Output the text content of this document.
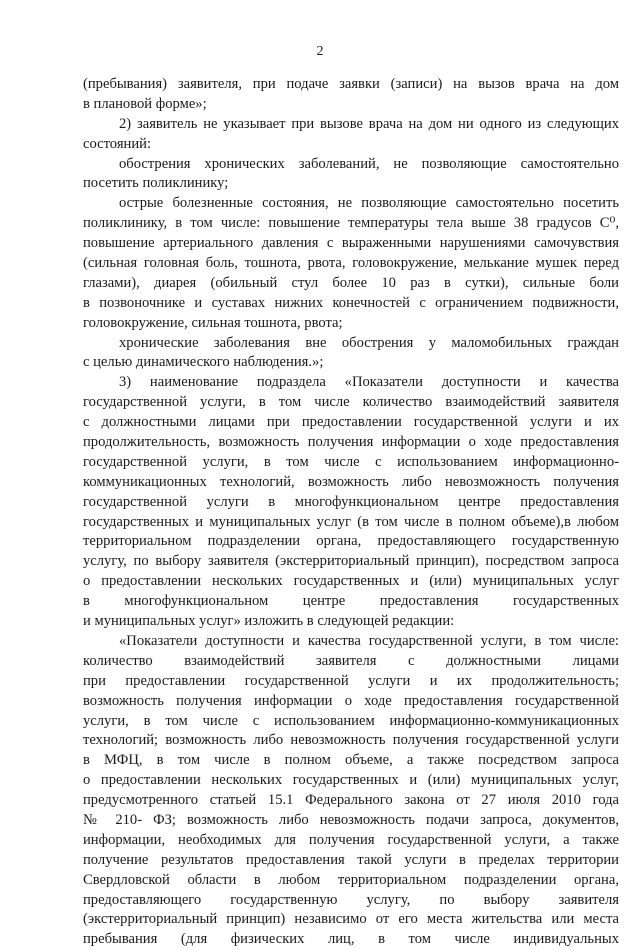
2
(пребывания) заявителя, при подаче заявки (записи) на вызов врача на дом
в плановой форме»;
2) заявитель не указывает при вызове врача на дом ни одного из следующих
состояний:
обострения хронических заболеваний, не позволяющие самостоятельно
посетить поликлинику;
острые болезненные состояния, не позволяющие самостоятельно посетить
поликлинику, в том числе: повышение температуры тела выше 38 градусов С⁰,
повышение артериального давления с выраженными нарушениями самочувствия
(сильная головная боль, тошнота, рвота, головокружение, мелькание мушек перед
глазами), диарея (обильный стул более 10 раз в сутки), сильные боли
в позвоночнике и суставах нижних конечностей с ограничением подвижности,
головокружение, сильная тошнота, рвота;
хронические заболевания вне обострения у маломобильных граждан
с целью динамического наблюдения.»;
3) наименование подраздела «Показатели доступности и качества
государственной услуги, в том числе количество взаимодействий заявителя
с должностными лицами при предоставлении государственной услуги и их
продолжительность, возможность получения информации о ходе предоставления
государственной услуги, в том числе с использованием информационно-
коммуникационных технологий, возможность либо невозможность получения
государственной услуги в многофункциональном центре предоставления
государственных и муниципальных услуг (в том числе в полном объеме),в любом
территориальном подразделении органа, предоставляющего государственную
услугу, по выбору заявителя (экстерриториальный принцип), посредством запроса
о предоставлении нескольких государственных и (или) муниципальных услуг
в многофункциональном центре предоставления государственных
и муниципальных услуг» изложить в следующей редакции:
«Показатели доступности и качества государственной услуги, в том числе:
количество взаимодействий заявителя с должностными лицами
при предоставлении государственной услуги и их продолжительность;
возможность получения информации о ходе предоставления государственной
услуги, в том числе с использованием информационно-коммуникационных
технологий; возможность либо невозможность получения государственной услуги
в МФЦ, в том числе в полном объеме, а также посредством запроса
о предоставлении нескольких государственных и (или) муниципальных услуг,
предусмотренного статьей 15.1 Федерального закона от 27 июля 2010 года
№ 210- ФЗ; возможность либо невозможность подачи запроса, документов,
информации, необходимых для получения государственной услуги, а также
получение результатов предоставления такой услуги в пределах территории
Свердловской области в любом территориальном подразделении органа,
предоставляющего государственную услугу, по выбору заявителя
(экстерриториальный принцип) независимо от его места жительства или места
пребывания (для физических лиц, в том числе индивидуальных
